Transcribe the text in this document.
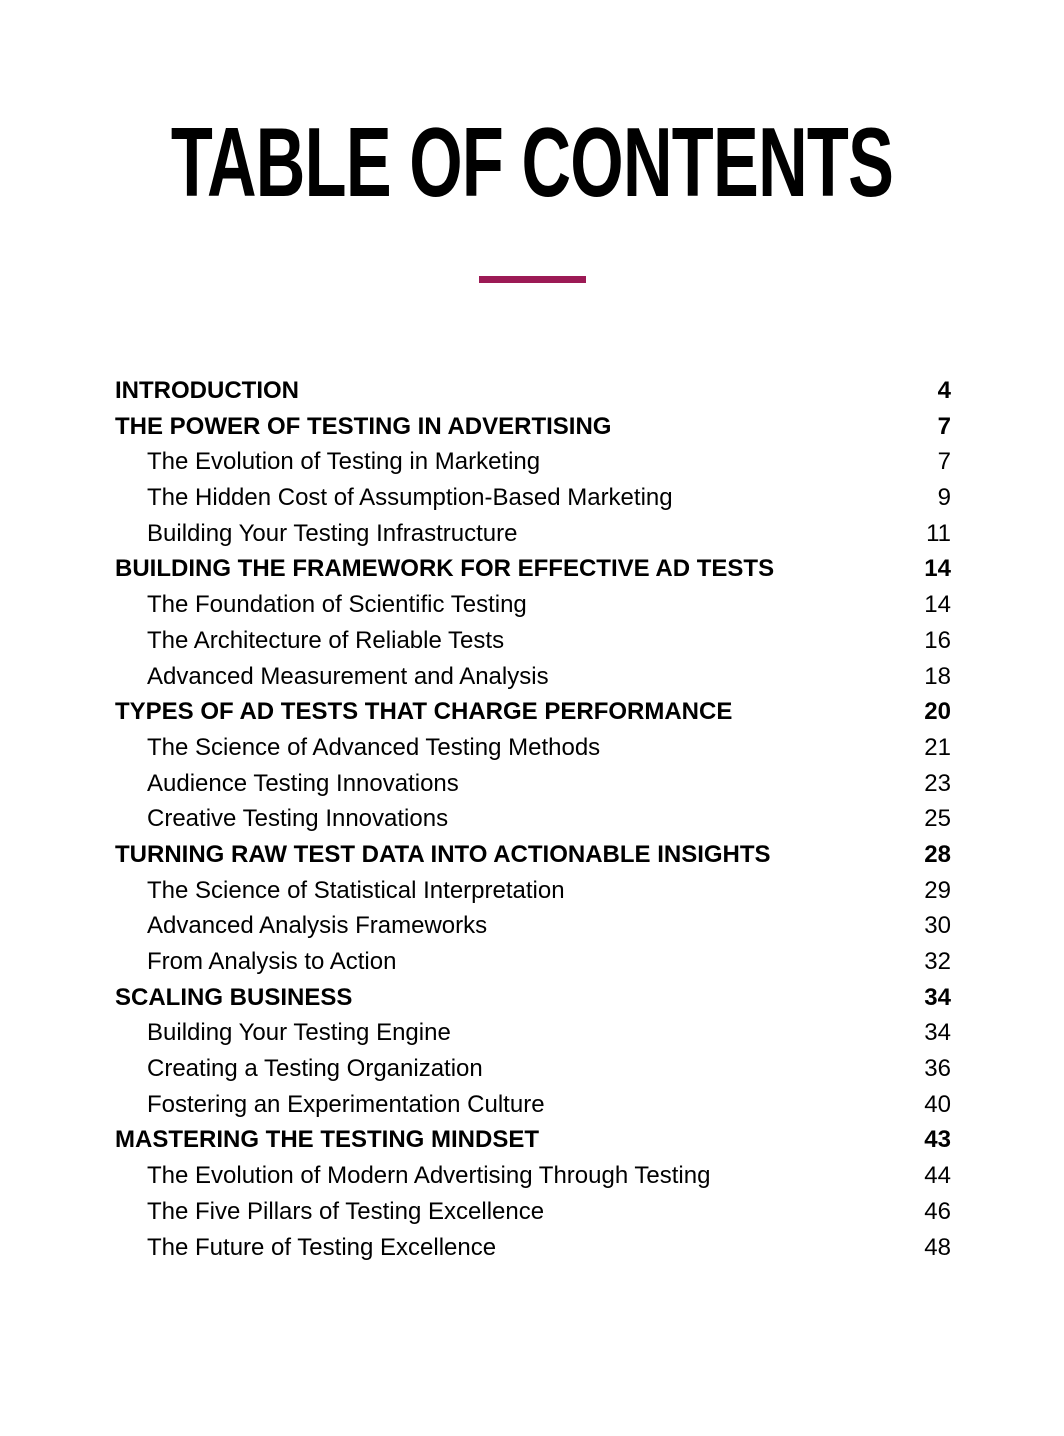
TABLE OF CONTENTS
INTRODUCTION	4
THE POWER OF TESTING IN ADVERTISING	7
The Evolution of Testing in Marketing	7
The Hidden Cost of Assumption-Based Marketing	9
Building Your Testing Infrastructure	11
BUILDING THE FRAMEWORK FOR EFFECTIVE AD TESTS	14
The Foundation of Scientific Testing	14
The Architecture of Reliable Tests	16
Advanced Measurement and Analysis	18
TYPES OF AD TESTS THAT CHARGE PERFORMANCE	20
The Science of Advanced Testing Methods	21
Audience Testing Innovations	23
Creative Testing Innovations	25
TURNING RAW TEST DATA INTO ACTIONABLE INSIGHTS	28
The Science of Statistical Interpretation	29
Advanced Analysis Frameworks	30
From Analysis to Action	32
SCALING BUSINESS	34
Building Your Testing Engine	34
Creating a Testing Organization	36
Fostering an Experimentation Culture	40
MASTERING THE TESTING MINDSET	43
The Evolution of Modern Advertising Through Testing	44
The Five Pillars of Testing Excellence	46
The Future of Testing Excellence	48
